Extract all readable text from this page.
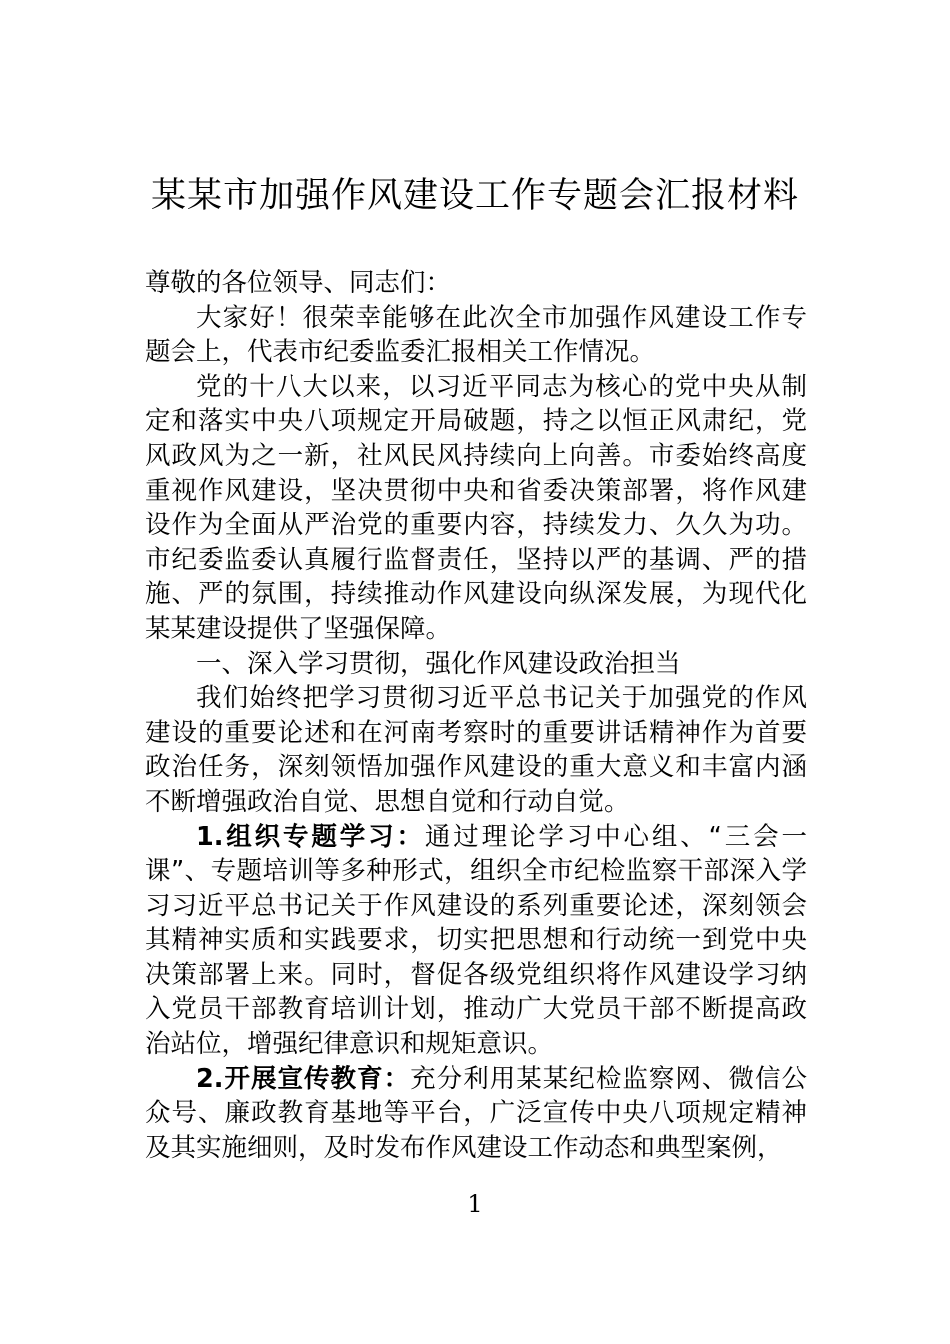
某某市加强作风建设工作专题会汇报材料

尊敬的各位领导、同志们：

大家好！很荣幸能够在此次全市加强作风建设工作专题会上，代表市纪委监委汇报相关工作情况。

党的十八大以来，以习近平同志为核心的党中央从制定和落实中央八项规定开局破题，持之以恒正风肃纪，党风政风为之一新，社风民风持续向上向善。市委始终高度重视作风建设，坚决贯彻中央和省委决策部署，将作风建设作为全面从严治党的重要内容，持续发力、久久为功。市纪委监委认真履行监督责任，坚持以严的基调、严的措施、严的氛围，持续推动作风建设向纵深发展，为现代化某某建设提供了坚强保障。

一、深入学习贯彻，强化作风建设政治担当

我们始终把学习贯彻习近平总书记关于加强党的作风建设的重要论述和在河南考察时的重要讲话精神作为首要政治任务，深刻领悟加强作风建设的重大意义和丰富内涵不断增强政治自觉、思想自觉和行动自觉。

1.组织专题学习：通过理论学习中心组、“三会一课”、专题培训等多种形式，组织全市纪检监察干部深入学习习近平总书记关于作风建设的系列重要论述，深刻领会其精神实质和实践要求，切实把思想和行动统一到党中央决策部署上来。同时，督促各级党组织将作风建设学习纳入党员干部教育培训计划，推动广大党员干部不断提高政治站位，增强纪律意识和规矩意识。

2.开展宣传教育：充分利用某某纪检监察网、微信公众号、廉政教育基地等平台，广泛宣传中央八项规定精神及其实施细则，及时发布作风建设工作动态和典型案例，

1
